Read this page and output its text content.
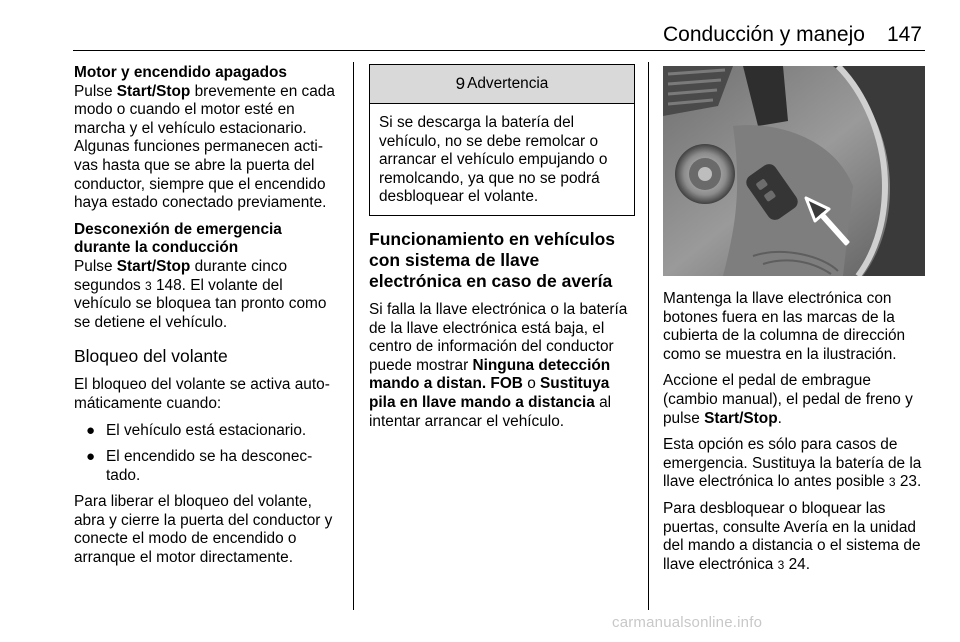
Conducción y manejo 147
Motor y encendido apagados

Pulse Start/Stop brevemente en cada modo o cuando el motor esté en marcha y el vehículo estacionario. Algunas funciones permanecen acti- vas hasta que se abre la puerta del conductor, siempre que el encendido haya estado conectado previamente.

Desconexión de emergencia durante la conducción

Pulse Start/Stop durante cinco segundos 3 148. El volante del vehículo se bloquea tan pronto como se detiene el vehículo.

Bloqueo del volante

El bloqueo del volante se activa auto- máticamente cuando:

● El vehículo está estacionario.
● El encendido se ha desconec- tado.

Para liberar el bloqueo del volante, abra y cierre la puerta del conductor y conecte el modo de encendido o arranque el motor directamente.

9 Advertencia
Si se descarga la batería del vehículo, no se debe remolcar o arrancar el vehículo empujando o remolcando, ya que no se podrá desbloquear el volante.
Funcionamiento en vehículos con sistema de llave electrónica en caso de avería

Si falla la llave electrónica o la batería de la llave electrónica está baja, el centro de información del conductor puede mostrar Ninguna detección mando a distan. FOB o Sustituya pila en llave mando a distancia al intentar arrancar el vehículo.

Mantenga la llave electrónica con botones fuera en las marcas de la cubierta de la columna de dirección como se muestra en la ilustración.

Accione el pedal de embrague (cambio manual), el pedal de freno y pulse Start/Stop.

Esta opción es sólo para casos de emergencia. Sustituya la batería de la llave electrónica lo antes posible 3 23.

Para desbloquear o bloquear las puertas, consulte Avería en la unidad del mando a distancia o el sistema de llave electrónica 3 24.

carmanualsonline.info
